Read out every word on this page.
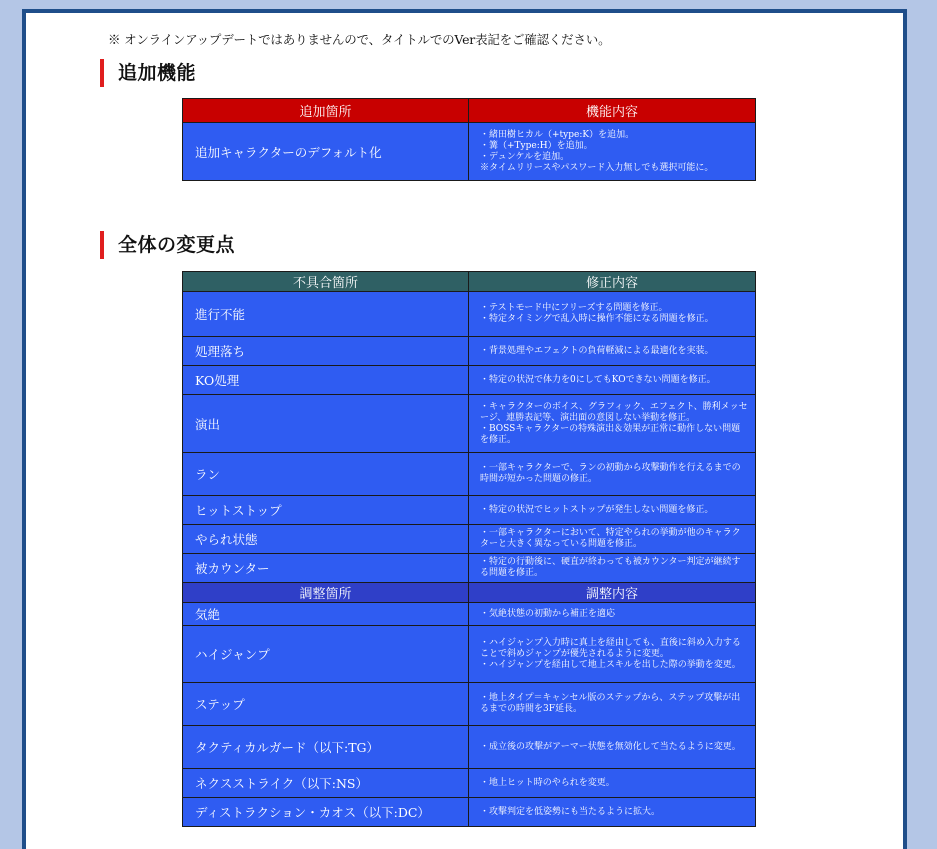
※ オンラインアップデートではありませんので、タイトルでのVer表記をご確認ください。
追加機能
追加箇所	機能内容
追加キャラクターのデフォルト化	・緒田樹ヒカル（+type:K）を追加。
・篝（+Type:H）を追加。
・デュンケルを追加。
※タイムリリースやパスワード入力無しでも選択可能に。
全体の変更点
不具合箇所	修正内容
進行不能	・テストモード中にフリーズする問題を修正。
・特定タイミングで乱入時に操作不能になる問題を修正。

処理落ち	・背景処理やエフェクトの負荷軽減による最適化を実装。

KO処理	・特定の状況で体力を0にしてもKOできない問題を修正。

演出	・キャラクターのボイス、グラフィック、エフェクト、勝利メッセージ、連勝表記等、演出面の意図しない挙動を修正。
・BOSSキャラクターの特殊演出＆効果が正常に動作しない問題を修正。

ラン	・一部キャラクターで、ランの初動から攻撃動作を行えるまでの時間が短かった問題の修正。

ヒットストップ	・特定の状況でヒットストップが発生しない問題を修正。

やられ状態	・一部キャラクターにおいて、特定やられの挙動が他のキャラクターと大きく異なっている問題を修正。

被カウンター	・特定の行動後に、硬直が終わっても被カウンター判定が継続する問題を修正。

調整箇所	調整内容
気絶	・気絶状態の初動から補正を適応

ハイジャンプ	・ハイジャンプ入力時に真上を経由しても、直後に斜め入力することで斜めジャンプが優先されるように変更。
・ハイジャンプを経由して地上スキルを出した際の挙動を変更。

ステップ	・地上タイプ＝キャンセル版のステップから、ステップ攻撃が出るまでの時間を3F延長。

タクティカルガード（以下:TG）	・成立後の攻撃がアーマー状態を無効化して当たるように変更。

ネクスストライク（以下:NS）	・地上ヒット時のやられを変更。

ディストラクション・カオス（以下:DC）	・攻撃判定を低姿勢にも当たるように拡大。
